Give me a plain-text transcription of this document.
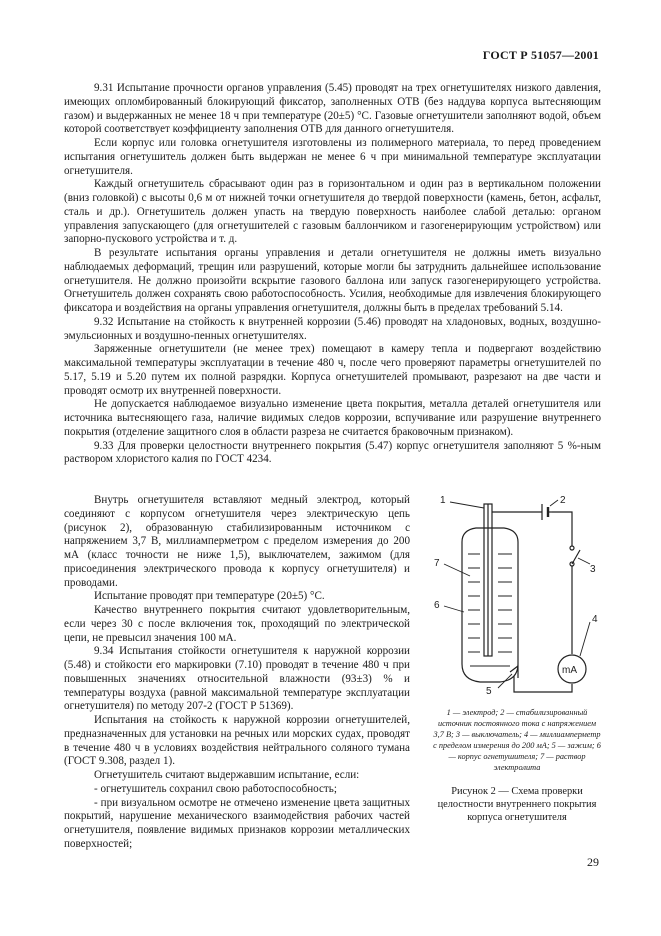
ГОСТ Р 51057—2001

9.31 Испытание прочности органов управления (5.45) проводят на трех огнетушителях низкого давления, имеющих опломбированный блокирующий фиксатор, заполненных ОТВ (без наддува корпуса вытесняющим газом) и выдержанных не менее 18 ч при температуре (20±5) °С. Газовые огнетушители заполняют водой, объем которой соответствует коэффициенту заполнения ОТВ для данного огнетушителя.

Если корпус или головка огнетушителя изготовлены из полимерного материала, то перед проведением испытания огнетушитель должен быть выдержан не менее 6 ч при минимальной температуре эксплуатации огнетушителя.

Каждый огнетушитель сбрасывают один раз в горизонтальном и один раз в вертикальном положении (вниз головкой) с высоты 0,6 м от нижней точки огнетушителя до твердой поверхности (камень, бетон, асфальт, сталь и др.). Огнетушитель должен упасть на твердую поверхность наиболее слабой деталью: органом управления запускающего (для огнетушителей с газовым баллончиком и газогенерирующим устройством) или запорно-пускового устройства и т. д.

В результате испытания органы управления и детали огнетушителя не должны иметь визуально наблюдаемых деформаций, трещин или разрушений, которые могли бы затруднить дальнейшее использование огнетушителя. Не должно произойти вскрытие газового баллона или запуск газогенерирующего устройства. Огнетушитель должен сохранять свою работоспособность. Усилия, необходимые для извлечения блокирующего фиксатора и воздействия на органы управления огнетушителя, должны быть в пределах требований 5.14.

9.32 Испытание на стойкость к внутренней коррозии (5.46) проводят на хладоновых, водных, воздушно-эмульсионных и воздушно-пенных огнетушителях.

Заряженные огнетушители (не менее трех) помещают в камеру тепла и подвергают воздействию максимальной температуры эксплуатации в течение 480 ч, после чего проверяют параметры огнетушителей по 5.17, 5.19 и 5.20 путем их полной разрядки. Корпуса огнетушителей промывают, разрезают на две части и проводят осмотр их внутренней поверхности.

Не допускается наблюдаемое визуально изменение цвета покрытия, металла деталей огнетушителя или источника вытесняющего газа, наличие видимых следов коррозии, вспучивание или разрушение внутреннего покрытия (отделение защитного слоя в области разреза не считается браковочным признаком).

9.33 Для проверки целостности внутреннего покрытия (5.47) корпус огнетушителя заполняют 5 %-ным раствором хлористого калия по ГОСТ 4234.

Внутрь огнетушителя вставляют медный электрод, который соединяют с корпусом огнетушителя через электрическую цепь (рисунок 2), образованную стабилизированным источником с напряжением 3,7 В, миллиамперметром с пределом измерения до 200 мА (класс точности не ниже 1,5), выключателем, зажимом (для присоединения электрического провода к корпусу огнетушителя) и проводами.

Испытание проводят при температуре (20±5) °С.

Качество внутреннего покрытия считают удовлетворительным, если через 30 с после включения ток, проходящий по электрической цепи, не превысил значения 100 мА.

9.34 Испытания стойкости огнетушителя к наружной коррозии (5.48) и стойкости его маркировки (7.10) проводят в течение 480 ч при повышенных значениях относительной влажности (93±3) % и температуры воздуха (равной максимальной температуре эксплуатации огнетушителя) по методу 207-2 (ГОСТ Р 51369).

Испытания на стойкость к наружной коррозии огнетушителей, предназначенных для установки на речных или морских судах, проводят в течение 480 ч в условиях воздействия нейтрального соляного тумана (ГОСТ 9.308, раздел 1).

Огнетушитель считают выдержавшим испытание, если:

- огнетушитель сохранил свою работоспособность;

- при визуальном осмотре не отмечено изменение цвета защитных покрытий, нарушение механического взаимодействия рабочих частей огнетушителя, появление видимых признаков коррозии металлических поверхностей;

1	2
3
4
5
6
7
mA
1 — электрод; 2 — стабилизированный источник постоянного тока с напряжением 3,7 В; 3 — выключатель; 4 — миллиамперметр с пределом измерения до 200 мА; 5 — зажим; 6 — корпус огнетушителя; 7 — раствор электролита
Рисунок 2 — Схема проверки целостности внутреннего покрытия корпуса огнетушителя
29
